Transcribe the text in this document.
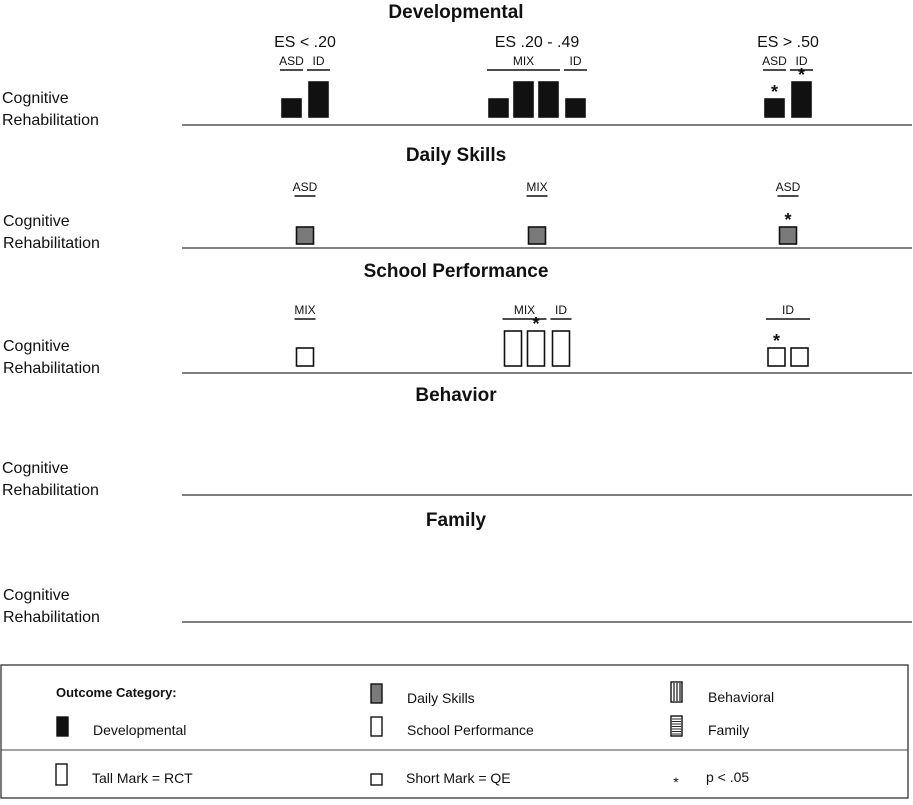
Developmental
ES < .20	ES .20 - .49	ES > .50
Cognitive
Rehabilitation
ASD ID	MIX	ID	ASD
*
ID
*
Daily Skills
Cognitive
Rehabilitation
ASD	MIX	ASD
*
School Performance
Cognitive
Rehabilitation
MIX	MIX
*
ID	ID
*
Behavior
Cognitive
Rehabilitation
Family
Cognitive
Rehabilitation
Outcome Category:
Developmental
Daily Skills
School Performance
Behavioral
Family
Tall Mark = RCT	Short Mark = QE	* p < .05
